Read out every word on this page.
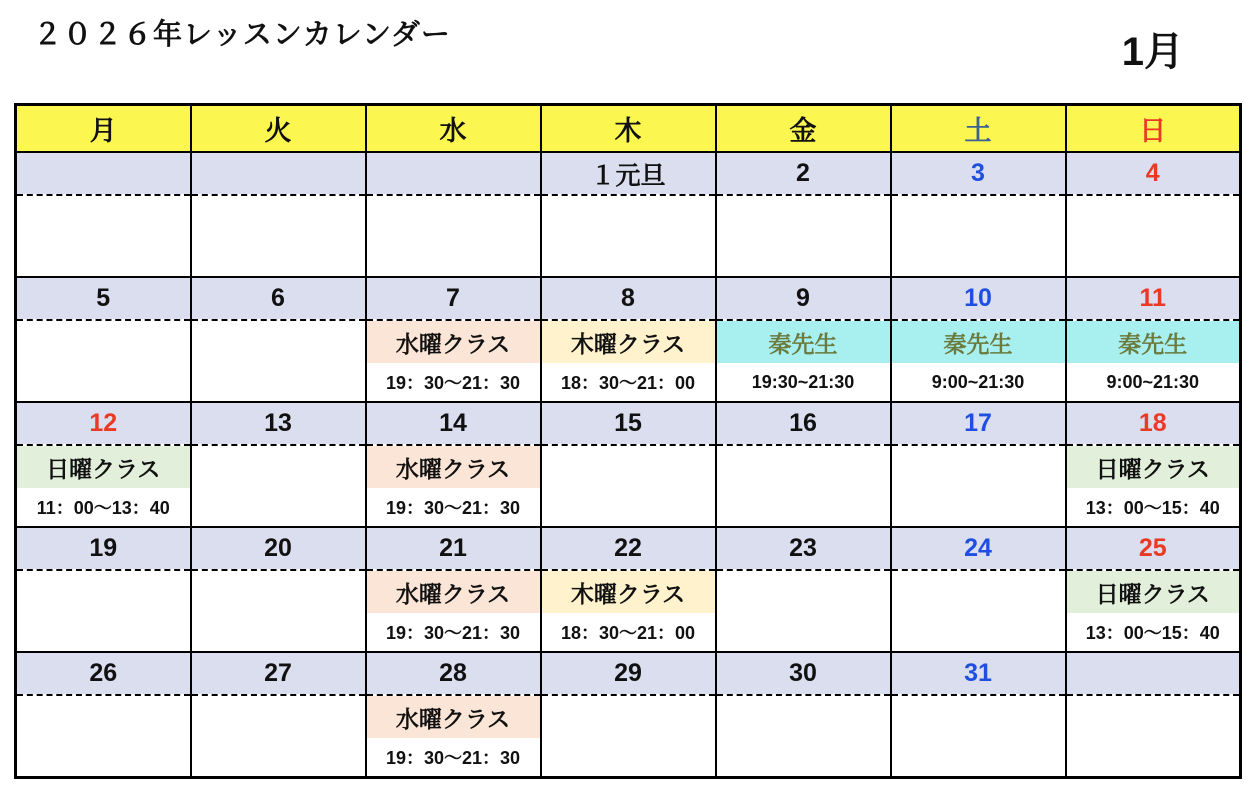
２０２６年レッスンカレンダー	1月
月	火	水	木	金	土	日
			１元旦	2	3	4

5	6	7	8	9	10	11
		水曜クラス	木曜クラス	秦先生	秦先生	秦先生
		19：30～21：30	18：30～21：00	19:30~21:30	9:00~21:30	9:00~21:30
12	13	14	15	16	17	18
日曜クラス		水曜クラス				日曜クラス
11：00～13：40		19：30～21：30				13：00～15：40
19	20	21	22	23	24	25
		水曜クラス	木曜クラス			日曜クラス
		19：30～21：30	18：30～21：00			13：00～15：40
26	27	28	29	30	31	
		水曜クラス				
		19：30～21：30				
